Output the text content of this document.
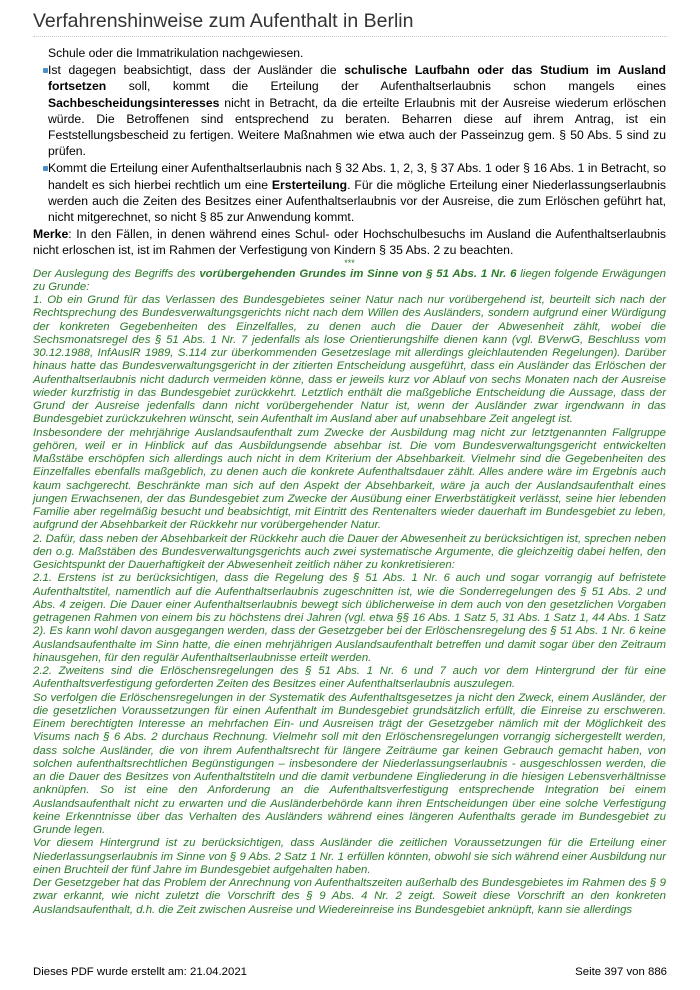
Verfahrenshinweise zum Aufenthalt in Berlin
Schule oder die Immatrikulation nachgewiesen.
Ist dagegen beabsichtigt, dass der Ausländer die schulische Laufbahn oder das Studium im Ausland fortsetzen soll, kommt die Erteilung der Aufenthaltserlaubnis schon mangels eines Sachbescheidungsinteresses nicht in Betracht, da die erteilte Erlaubnis mit der Ausreise wiederum erlöschen würde. Die Betroffenen sind entsprechend zu beraten. Beharren diese auf ihrem Antrag, ist ein Feststellungsbescheid zu fertigen. Weitere Maßnahmen wie etwa auch der Passeinzug gem. § 50 Abs. 5 sind zu prüfen.
Kommt die Erteilung einer Aufenthaltserlaubnis nach § 32 Abs. 1, 2, 3, § 37 Abs. 1 oder § 16 Abs. 1 in Betracht, so handelt es sich hierbei rechtlich um eine Ersterteilung. Für die mögliche Erteilung einer Niederlassungserlaubnis werden auch die Zeiten des Besitzes einer Aufenthaltserlaubnis vor der Ausreise, die zum Erlöschen geführt hat, nicht mitgerechnet, so nicht § 85 zur Anwendung kommt.
Merke: In den Fällen, in denen während eines Schul- oder Hochschulbesuchs im Ausland die Aufenthaltserlaubnis nicht erloschen ist, ist im Rahmen der Verfestigung von Kindern § 35 Abs. 2 zu beachten.
***

Der Auslegung des Begriffs des vorübergehenden Grundes im Sinne von § 51 Abs. 1 Nr. 6 liegen folgende Erwägungen zu Grunde:

1. Ob ein Grund für das Verlassen des Bundesgebietes seiner Natur nach nur vorübergehend ist, beurteilt sich nach der Rechtsprechung des Bundesverwaltungsgerichts nicht nach dem Willen des Ausländers, sondern aufgrund einer Würdigung der konkreten Gegebenheiten des Einzelfalles, zu denen auch die Dauer der Abwesenheit zählt, wobei die Sechsmonatsregel des § 51 Abs. 1 Nr. 7 jedenfalls als lose Orientierungshilfe dienen kann (vgl. BVerwG, Beschluss vom 30.12.1988, InfAuslR 1989, S.114 zur überkommenden Gesetzeslage mit allerdings gleichlautenden Regelungen). Darüber hinaus hatte das Bundesverwaltungsgericht in der zitierten Entscheidung ausgeführt, dass ein Ausländer das Erlöschen der Aufenthaltserlaubnis nicht dadurch vermeiden könne, dass er jeweils kurz vor Ablauf von sechs Monaten nach der Ausreise wieder kurzfristig in das Bundesgebiet zurückkehrt. Letztlich enthält die maßgebliche Entscheidung die Aussage, dass der Grund der Ausreise jedenfalls dann nicht vorübergehender Natur ist, wenn der Ausländer zwar irgendwann in das Bundesgebiet zurückzukehren wünscht, sein Aufenthalt im Ausland aber auf unabsehbare Zeit angelegt ist.

Insbesondere der mehrjährige Auslandsaufenthalt zum Zwecke der Ausbildung mag nicht zur letztgenannten Fallgruppe gehören, weil er in Hinblick auf das Ausbildungsende absehbar ist. Die vom Bundesverwaltungsgericht entwickelten Maßstäbe erschöpfen sich allerdings auch nicht in dem Kriterium der Absehbarkeit. Vielmehr sind die Gegebenheiten des Einzelfalles ebenfalls maßgeblich, zu denen auch die konkrete Aufenthaltsdauer zählt. Alles andere wäre im Ergebnis auch kaum sachgerecht. Beschränkte man sich auf den Aspekt der Absehbarkeit, wäre ja auch der Auslandsaufenthalt eines jungen Erwachsenen, der das Bundesgebiet zum Zwecke der Ausübung einer Erwerbstätigkeit verlässt, seine hier lebenden Familie aber regelmäßig besucht und beabsichtigt, mit Eintritt des Rentenalters wieder dauerhaft im Bundesgebiet zu leben, aufgrund der Absehbarkeit der Rückkehr nur vorübergehender Natur.

2. Dafür, dass neben der Absehbarkeit der Rückkehr auch die Dauer der Abwesenheit zu berücksichtigen ist, sprechen neben den o.g. Maßstäben des Bundesverwaltungsgerichts auch zwei systematische Argumente, die gleichzeitig dabei helfen, den Gesichtspunkt der Dauerhaftigkeit der Abwesenheit zeitlich näher zu konkretisieren:

2.1. Erstens ist zu berücksichtigen, dass die Regelung des § 51 Abs. 1 Nr. 6 auch und sogar vorrangig auf befristete Aufenthaltstitel, namentlich auf die Aufenthaltserlaubnis zugeschnitten ist, wie die Sonderregelungen des § 51 Abs. 2 und Abs. 4 zeigen. Die Dauer einer Aufenthaltserlaubnis bewegt sich üblicherweise in dem auch von den gesetzlichen Vorgaben getragenen Rahmen von einem bis zu höchstens drei Jahren (vgl. etwa §§ 16 Abs. 1 Satz 5, 31 Abs. 1 Satz 1, 44 Abs. 1 Satz 2). Es kann wohl davon ausgegangen werden, dass der Gesetzgeber bei der Erlöschensregelung des § 51 Abs. 1 Nr. 6 keine Auslandsaufenthalte im Sinn hatte, die einen mehrjährigen Auslandsaufenthalt betreffen und damit sogar über den Zeitraum hinausgehen, für den regulär Aufenthaltserlaubnisse erteilt werden.

2.2. Zweitens sind die Erlöschensregelungen des § 51 Abs. 1 Nr. 6 und 7 auch vor dem Hintergrund der für eine Aufenthaltsverfestigung geforderten Zeiten des Besitzes einer Aufenthaltserlaubnis auszulegen.

So verfolgen die Erlöschensregelungen in der Systematik des Aufenthaltsgesetzes ja nicht den Zweck, einem Ausländer, der die gesetzlichen Voraussetzungen für einen Aufenthalt im Bundesgebiet grundsätzlich erfüllt, die Einreise zu erschweren. Einem berechtigten Interesse an mehrfachen Ein- und Ausreisen trägt der Gesetzgeber nämlich mit der Möglichkeit des Visums nach § 6 Abs. 2 durchaus Rechnung. Vielmehr soll mit den Erlöschensregelungen vorrangig sichergestellt werden, dass solche Ausländer, die von ihrem Aufenthaltsrecht für längere Zeiträume gar keinen Gebrauch gemacht haben, von solchen aufenthaltsrechtlichen Begünstigungen – insbesondere der Niederlassungserlaubnis - ausgeschlossen werden, die an die Dauer des Besitzes von Aufenthaltstiteln und die damit verbundene Eingliederung in die hiesigen Lebensverhältnisse anknüpfen. So ist eine den Anforderung an die Aufenthaltsverfestigung entsprechende Integration bei einem Auslandsaufenthalt nicht zu erwarten und die Ausländerbehörde kann ihren Entscheidungen über eine solche Verfestigung keine Erkenntnisse über das Verhalten des Ausländers während eines längeren Aufenthalts gerade im Bundesgebiet zu Grunde legen.

Vor diesem Hintergrund ist zu berücksichtigen, dass Ausländer die zeitlichen Voraussetzungen für die Erteilung einer Niederlassungserlaubnis im Sinne von § 9 Abs. 2 Satz 1 Nr. 1 erfüllen könnten, obwohl sie sich während einer Ausbildung nur einen Bruchteil der fünf Jahre im Bundesgebiet aufgehalten haben.

Der Gesetzgeber hat das Problem der Anrechnung von Aufenthaltszeiten außerhalb des Bundesgebietes im Rahmen des § 9 zwar erkannt, wie nicht zuletzt die Vorschrift des § 9 Abs. 4 Nr. 2 zeigt. Soweit diese Vorschrift an den konkreten Auslandsaufenthalt, d.h. die Zeit zwischen Ausreise und Wiedereinreise ins Bundesgebiet anknüpft, kann sie allerdings

Dieses PDF wurde erstellt am: 21.04.2021	Seite 397 von 886
